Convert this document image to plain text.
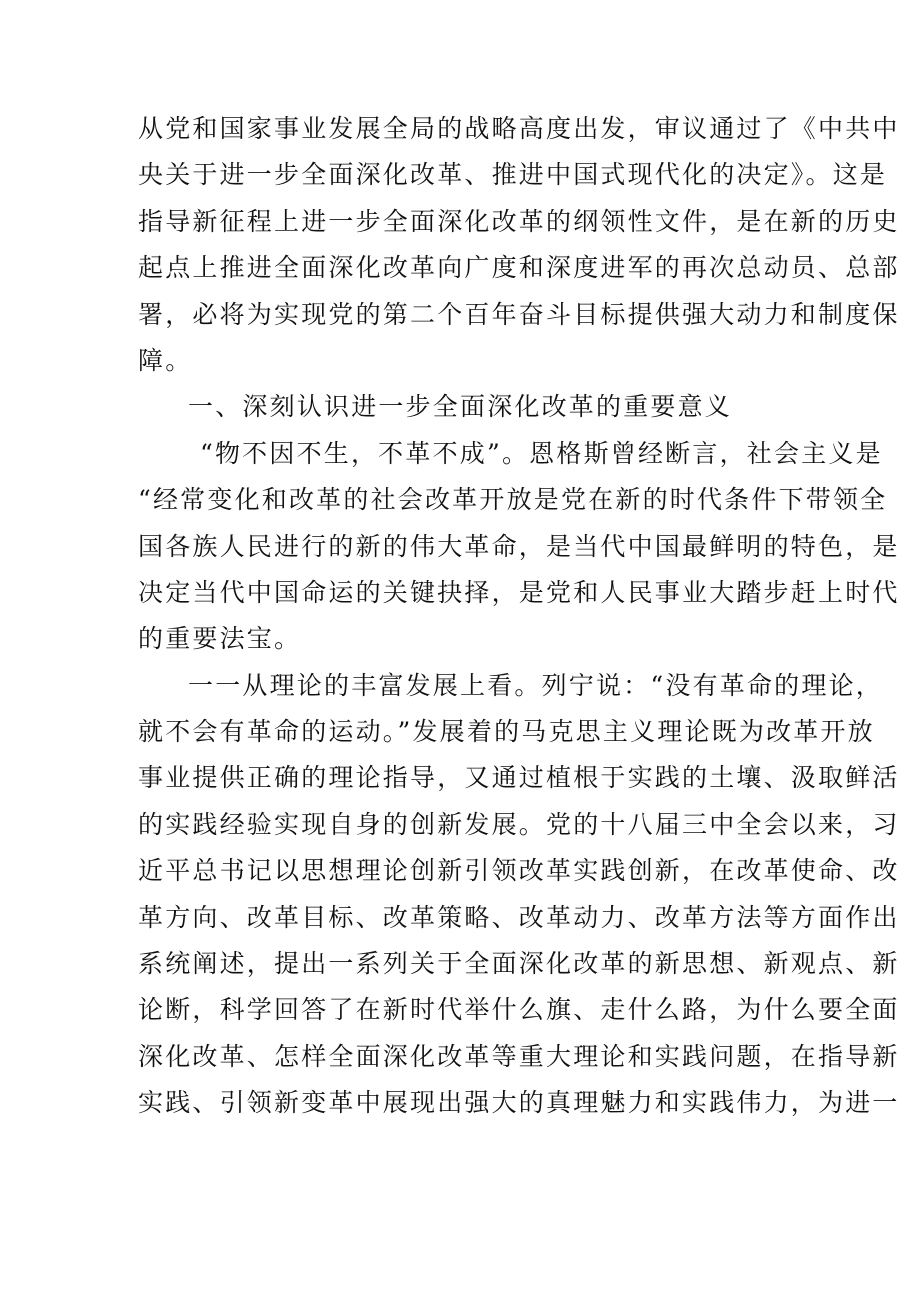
从党和国家事业发展全局的战略高度出发，审议通过了《中共中
央关于进一步全面深化改革、推进中国式现代化的决定》。这是
指导新征程上进一步全面深化改革的纲领性文件，是在新的历史
起点上推进全面深化改革向广度和深度进军的再次总动员、总部
署，必将为实现党的第二个百年奋斗目标提供强大动力和制度保
障。
一、深刻认识进一步全面深化改革的重要意义
“物不因不生，不革不成”。恩格斯曾经断言，社会主义是
“经常变化和改革的社会改革开放是党在新的时代条件下带领全
国各族人民进行的新的伟大革命，是当代中国最鲜明的特色，是
决定当代中国命运的关键抉择，是党和人民事业大踏步赶上时代
的重要法宝。
一一从理论的丰富发展上看。列宁说：“没有革命的理论，
就不会有革命的运动。”发展着的马克思主义理论既为改革开放
事业提供正确的理论指导，又通过植根于实践的土壤、汲取鲜活
的实践经验实现自身的创新发展。党的十八届三中全会以来，习
近平总书记以思想理论创新引领改革实践创新，在改革使命、改
革方向、改革目标、改革策略、改革动力、改革方法等方面作出
系统阐述，提出一系列关于全面深化改革的新思想、新观点、新
论断，科学回答了在新时代举什么旗、走什么路，为什么要全面
深化改革、怎样全面深化改革等重大理论和实践问题，在指导新
实践、引领新变革中展现出强大的真理魅力和实践伟力，为进一
